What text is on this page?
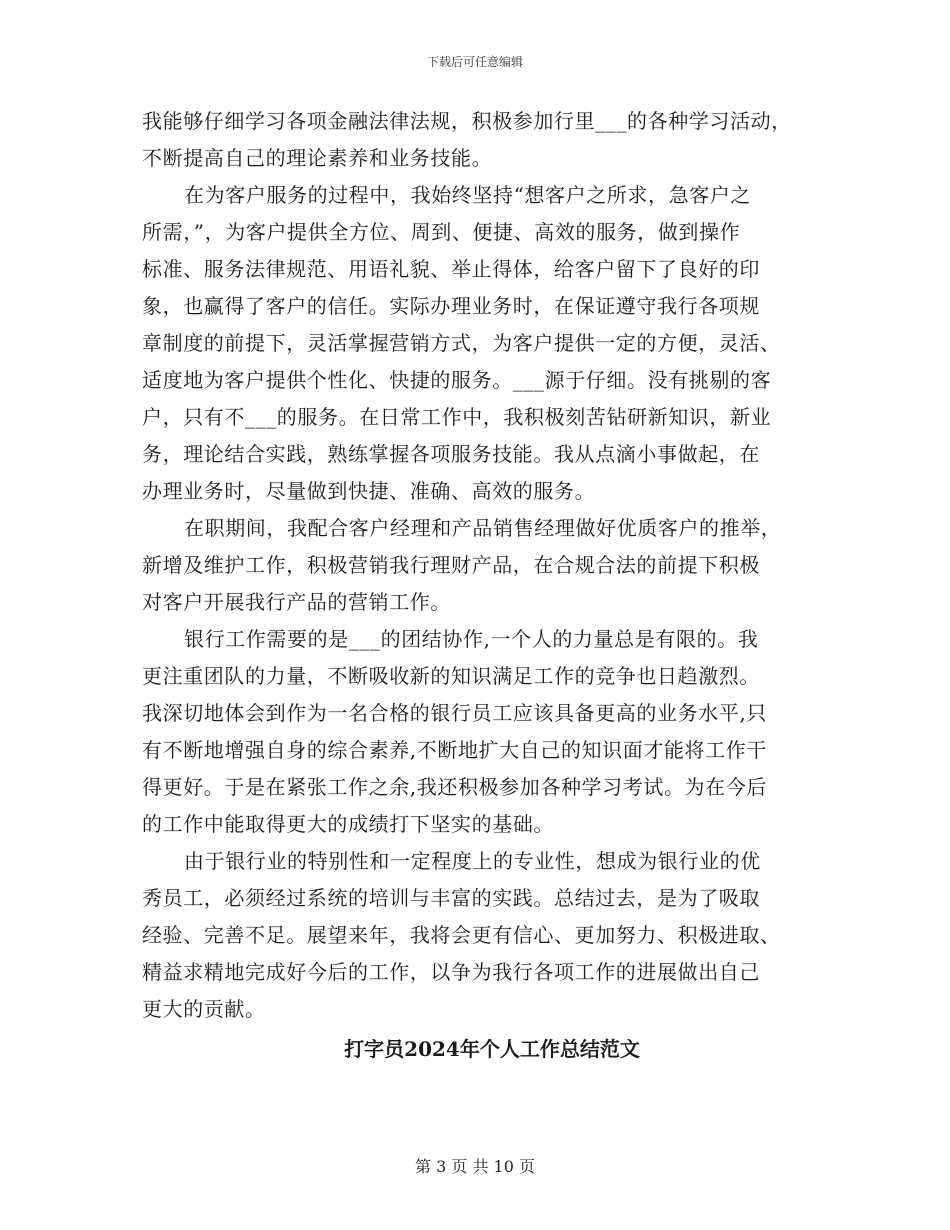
下载后可任意编辑
我能够仔细学习各项金融法律法规，积极参加行里___的各种学习活动，
不断提高自己的理论素养和业务技能。
在为客户服务的过程中，我始终坚持“想客户之所求，急客户之
所需，”，为客户提供全方位、周到、便捷、高效的服务，做到操作
标准、服务法律规范、用语礼貌、举止得体，给客户留下了良好的印
象，也赢得了客户的信任。实际办理业务时，在保证遵守我行各项规
章制度的前提下，灵活掌握营销方式，为客户提供一定的方便，灵活、
适度地为客户提供个性化、快捷的服务。___源于仔细。没有挑剔的客
户，只有不___的服务。在日常工作中，我积极刻苦钻研新知识，新业
务，理论结合实践，熟练掌握各项服务技能。我从点滴小事做起，在
办理业务时，尽量做到快捷、准确、高效的服务。
在职期间，我配合客户经理和产品销售经理做好优质客户的推举，
新增及维护工作，积极营销我行理财产品，在合规合法的前提下积极
对客户开展我行产品的营销工作。
银行工作需要的是___的团结协作,一个人的力量总是有限的。我
更注重团队的力量，不断吸收新的知识满足工作的竞争也日趋激烈。
我深切地体会到作为一名合格的银行员工应该具备更高的业务水平,只
有不断地增强自身的综合素养,不断地扩大自己的知识面才能将工作干
得更好。于是在紧张工作之余,我还积极参加各种学习考试。为在今后
的工作中能取得更大的成绩打下坚实的基础。
由于银行业的特别性和一定程度上的专业性，想成为银行业的优
秀员工，必须经过系统的培训与丰富的实践。总结过去，是为了吸取
经验、完善不足。展望来年，我将会更有信心、更加努力、积极进取、
精益求精地完成好今后的工作，以争为我行各项工作的进展做出自己
更大的贡献。
打字员2024年个人工作总结范文
第 3 页 共 10 页
